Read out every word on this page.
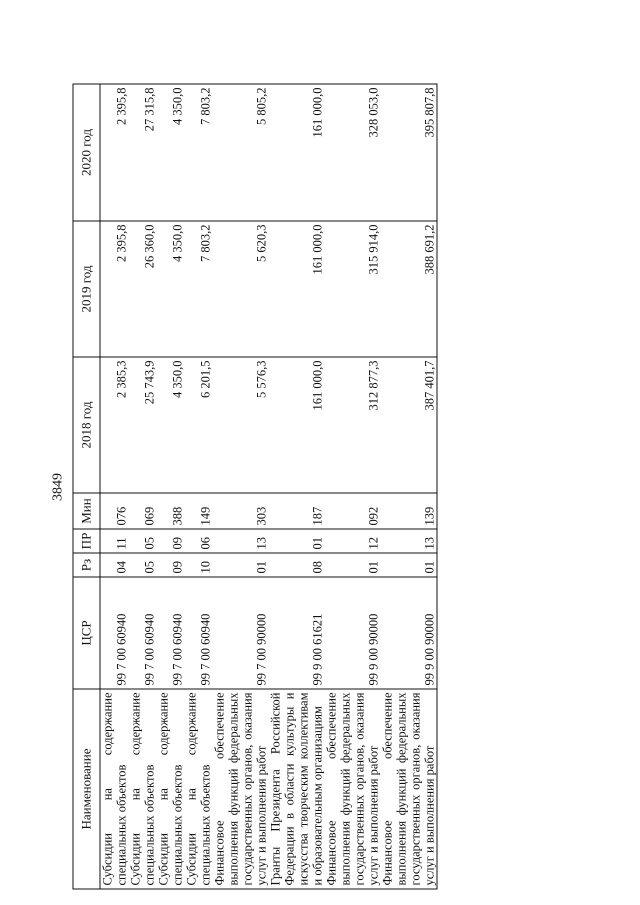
3849
Наименование	ЦСР	Рз	ПР	Мин	2018 год	2019 год	2020 год
Субсидии на содержание специальных объектов	99 7 00 60940	04	11	076	2 385,3	2 395,8	2 395,8
Субсидии на содержание специальных объектов	99 7 00 60940	05	05	069	25 743,9	26 360,0	27 315,8
Субсидии на содержание специальных объектов	99 7 00 60940	09	09	388	4 350,0	4 350,0	4 350,0
Субсидии на содержание специальных объектов	99 7 00 60940	10	06	149	6 201,5	7 803,2	7 803,2
Финансовое обеспечение выполнения функций федеральных государственных органов, оказания услуг и выполнения работ	99 7 00 90000	01	13	303	5 576,3	5 620,3	5 805,2
Гранты Президента Российской Федерации в области культуры и искусства творческим коллективам и образовательным организациям	99 9 00 61621	08	01	187	161 000,0	161 000,0	161 000,0
Финансовое обеспечение выполнения функций федеральных государственных органов, оказания услуг и выполнения работ	99 9 00 90000	01	12	092	312 877,3	315 914,0	328 053,0
Финансовое обеспечение выполнения функций федеральных государственных органов, оказания услуг и выполнения работ	99 9 00 90000	01	13	139	387 401,7	388 691,2	395 807,8
